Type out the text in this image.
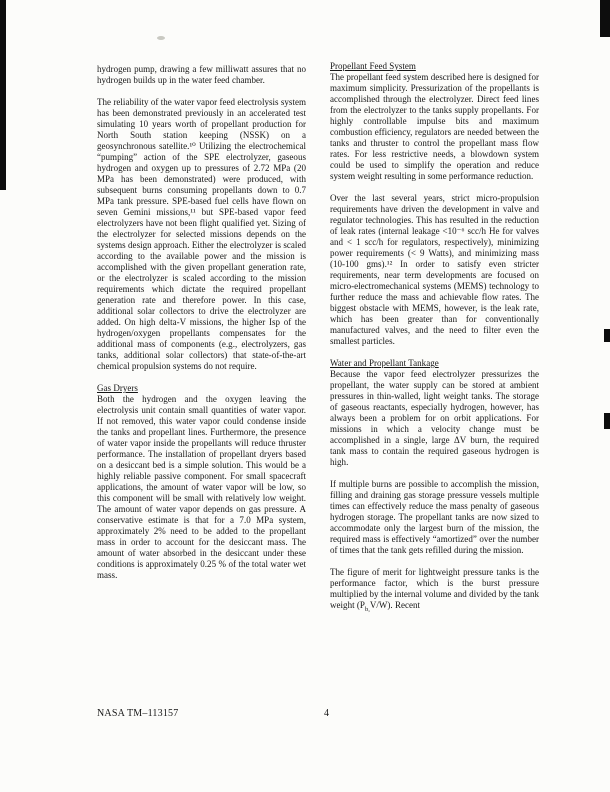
hydrogen pump, drawing a few milliwatt assures that no hydrogen builds up in the water feed chamber.

The reliability of the water vapor feed electrolysis system has been demonstrated previously in an accelerated test simulating 10 years worth of propellant production for North South station keeping (NSSK) on a geosynchronous satellite.¹⁰ Utilizing the electrochemical “pumping” action of the SPE electrolyzer, gaseous hydrogen and oxygen up to pressures of 2.72 MPa (20 MPa has been demonstrated) were produced, with subsequent burns consuming propellants down to 0.7 MPa tank pressure. SPE-based fuel cells have flown on seven Gemini missions,¹¹ but SPE-based vapor feed electrolyzers have not been flight qualified yet. Sizing of the electrolyzer for selected missions depends on the systems design approach. Either the electrolyzer is scaled according to the available power and the mission is accomplished with the given propellant generation rate, or the electrolyzer is scaled according to the mission requirements which dictate the required propellant generation rate and therefore power. In this case, additional solar collectors to drive the electrolyzer are added. On high delta-V missions, the higher Isp of the hydrogen/oxygen propellants compensates for the additional mass of components (e.g., electrolyzers, gas tanks, additional solar collectors) that state-of-the-art chemical propulsion systems do not require.

Gas Dryers

Both the hydrogen and the oxygen leaving the electrolysis unit contain small quantities of water vapor. If not removed, this water vapor could condense inside the tanks and propellant lines. Furthermore, the presence of water vapor inside the propellants will reduce thruster performance. The installation of propellant dryers based on a desiccant bed is a simple solution. This would be a highly reliable passive component. For small spacecraft applications, the amount of water vapor will be low, so this component will be small with relatively low weight. The amount of water vapor depends on gas pressure. A conservative estimate is that for a 7.0 MPa system, approximately 2% need to be added to the propellant mass in order to account for the desiccant mass. The amount of water absorbed in the desiccant under these conditions is approximately 0.25 % of the total water wet mass.

Propellant Feed System

The propellant feed system described here is designed for maximum simplicity. Pressurization of the propellants is accomplished through the electrolyzer. Direct feed lines from the electrolyzer to the tanks supply propellants. For highly controllable impulse bits and maximum combustion efficiency, regulators are needed between the tanks and thruster to control the propellant mass flow rates. For less restrictive needs, a blowdown system could be used to simplify the operation and reduce system weight resulting in some performance reduction.

Over the last several years, strict micro-propulsion requirements have driven the development in valve and regulator technologies. This has resulted in the reduction of leak rates (internal leakage <10⁻⁶ scc/h He for valves and < 1 scc/h for regulators, respectively), minimizing power requirements (< 9 Watts), and minimizing mass (10-100 gms).¹² In order to satisfy even stricter requirements, near term developments are focused on micro-electromechanical systems (MEMS) technology to further reduce the mass and achievable flow rates. The biggest obstacle with MEMS, however, is the leak rate, which has been greater than for conventionally manufactured valves, and the need to filter even the smallest particles.

Water and Propellant Tankage

Because the vapor feed electrolyzer pressurizes the propellant, the water supply can be stored at ambient pressures in thin-walled, light weight tanks. The storage of gaseous reactants, especially hydrogen, however, has always been a problem for on orbit applications. For missions in which a velocity change must be accomplished in a single, large ΔV burn, the required tank mass to contain the required gaseous hydrogen is high.

If multiple burns are possible to accomplish the mission, filling and draining gas storage pressure vessels multiple times can effectively reduce the mass penalty of gaseous hydrogen storage. The propellant tanks are now sized to accommodate only the largest burn of the mission, the required mass is effectively “amortized” over the number of times that the tank gets refilled during the mission.

The figure of merit for lightweight pressure tanks is the performance factor, which is the burst pressure multiplied by the internal volume and divided by the tank weight $(P_{b,}V/W)$. Recent

NASA TM–113157	4
